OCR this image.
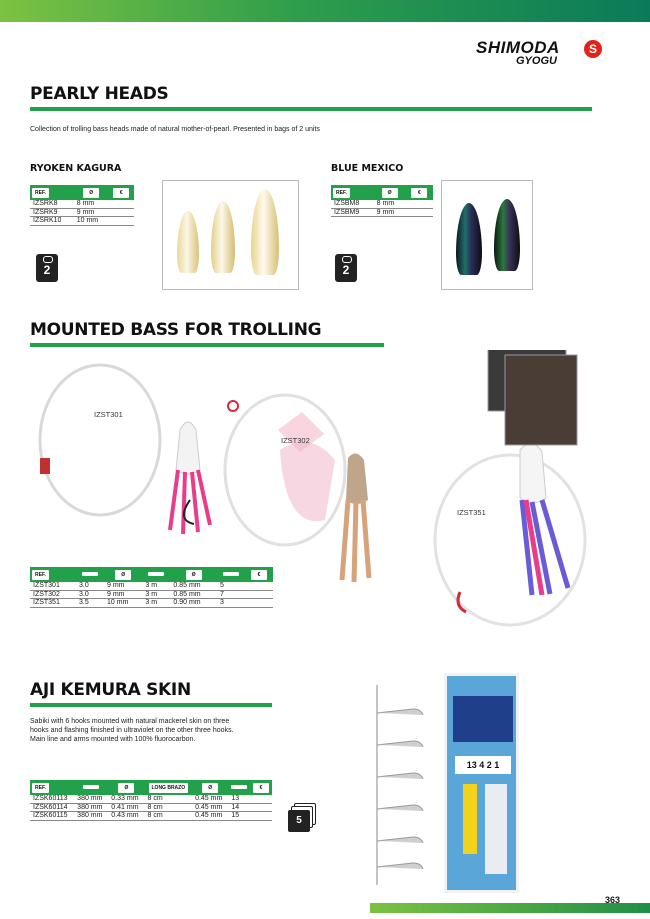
SHIMODA
GYOGU
S
PEARLY HEADS
Collection of trolling bass heads made of natural mother-of-pearl. Presented in bags of 2 units
RYOKEN KAGURA
REF.	Ø	€
IZSRK8	8 mm	
IZSRK9	9 mm	
IZSRK10	10 mm	
2
BLUE MEXICO
REF.	Ø	€
IZSBM8	8 mm	
IZSBM9	9 mm	
2
MOUNTED BASS FOR TROLLING
IZST301
IZST302
IZST351
REF.		Ø		Ø		€
IZST301	3.0	9 mm	3 m	0.85 mm	5	
IZST302	3.0	9 mm	3 m	0.85 mm	7	
IZST351	3.5	10 mm	3 m	0.90 mm	3	
AJI KEMURA SKIN
Sabiki with 6 hooks mounted with natural mackerel skin on three
hooks and flashing finished in ultraviolet on the other three hooks.
Main line and arms mounted with 100% fluorocarbon.
REF.		Ø	LONG BRAZO	Ø		€
IZSK60113	380 mm	0.33 mm	8 cm	0.45 mm	13	
IZSK60114	380 mm	0.41 mm	8 cm	0.45 mm	14	
IZSK60115	380 mm	0.43 mm	8 cm	0.45 mm	15		5
13 4 2 1
363
